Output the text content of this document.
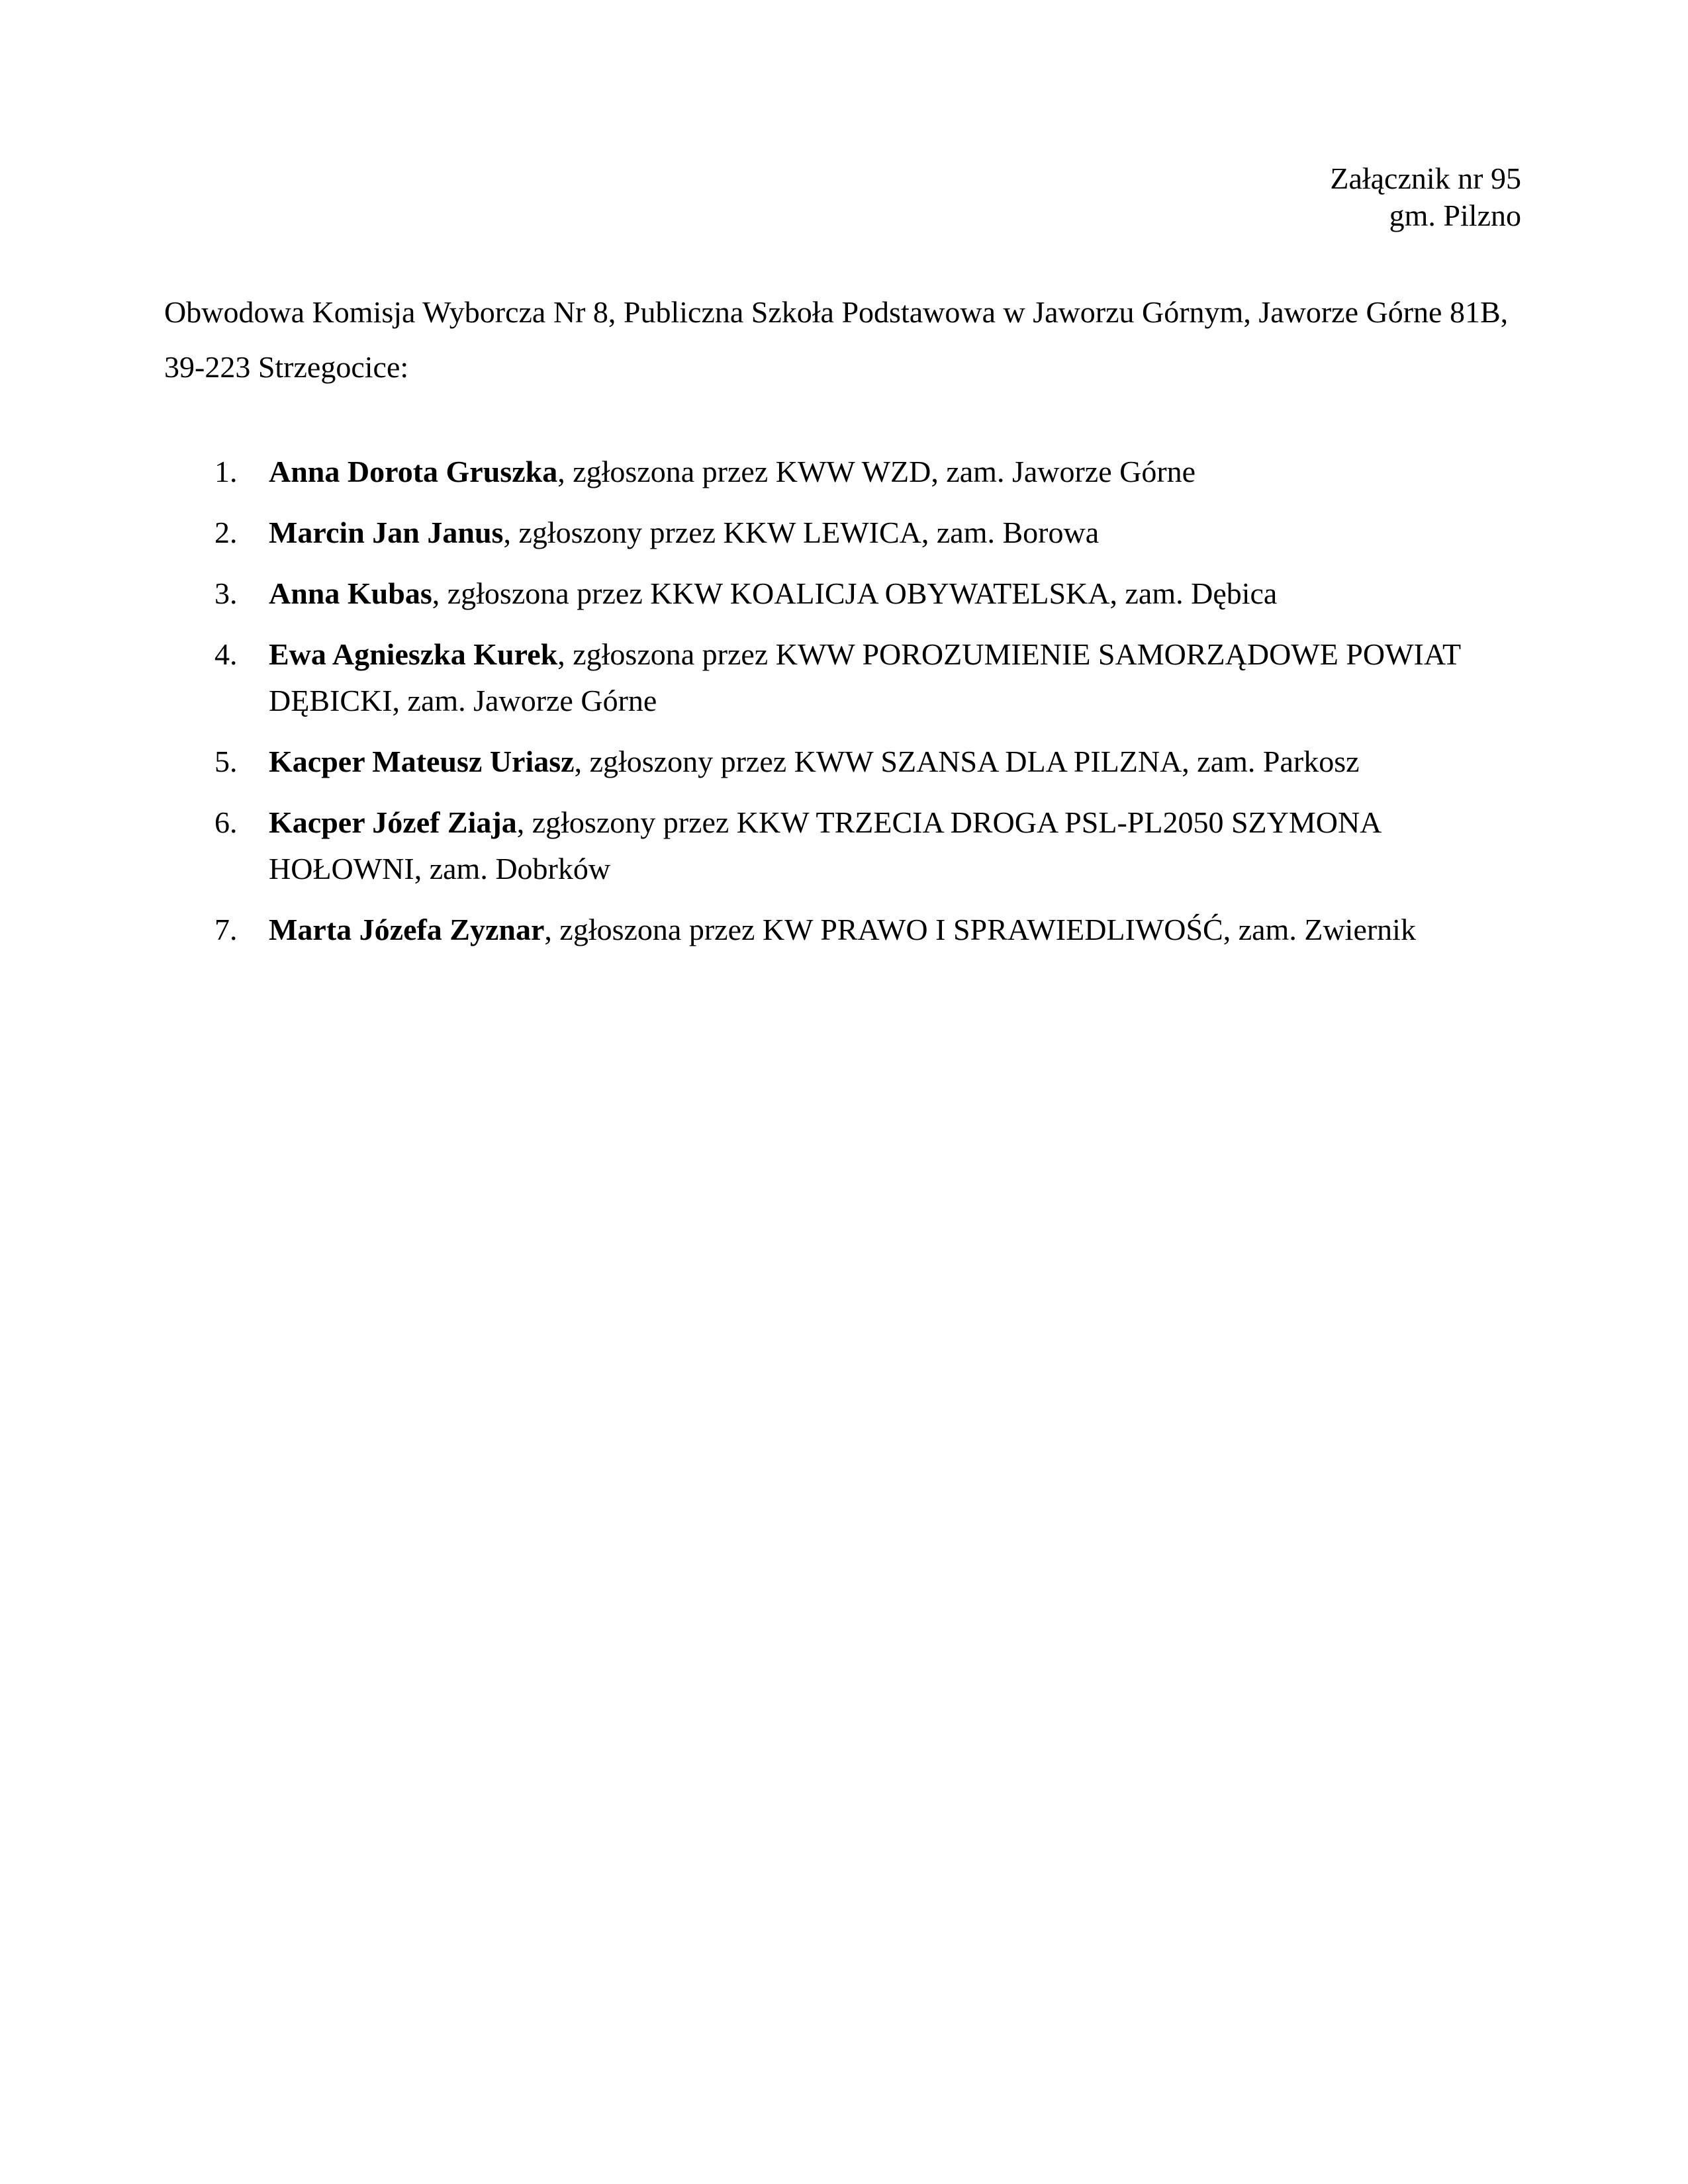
Załącznik nr 95
gm. Pilzno
Obwodowa Komisja Wyborcza Nr 8, Publiczna Szkoła Podstawowa w Jaworzu Górnym, Jaworze Górne 81B, 39-223 Strzegocice:
1. Anna Dorota Gruszka, zgłoszona przez KWW WZD, zam. Jaworze Górne
2. Marcin Jan Janus, zgłoszony przez KKW LEWICA, zam. Borowa
3. Anna Kubas, zgłoszona przez KKW KOALICJA OBYWATELSKA, zam. Dębica
4. Ewa Agnieszka Kurek, zgłoszona przez KWW POROZUMIENIE SAMORZĄDOWE POWIAT DĘBICKI, zam. Jaworze Górne
5. Kacper Mateusz Uriasz, zgłoszony przez KWW SZANSA DLA PILZNA, zam. Parkosz
6. Kacper Józef Ziaja, zgłoszony przez KKW TRZECIA DROGA PSL-PL2050 SZYMONA HOŁOWNI, zam. Dobrków
7. Marta Józefa Zyznar, zgłoszona przez KW PRAWO I SPRAWIEDLIWOŚĆ, zam. Zwiernik
